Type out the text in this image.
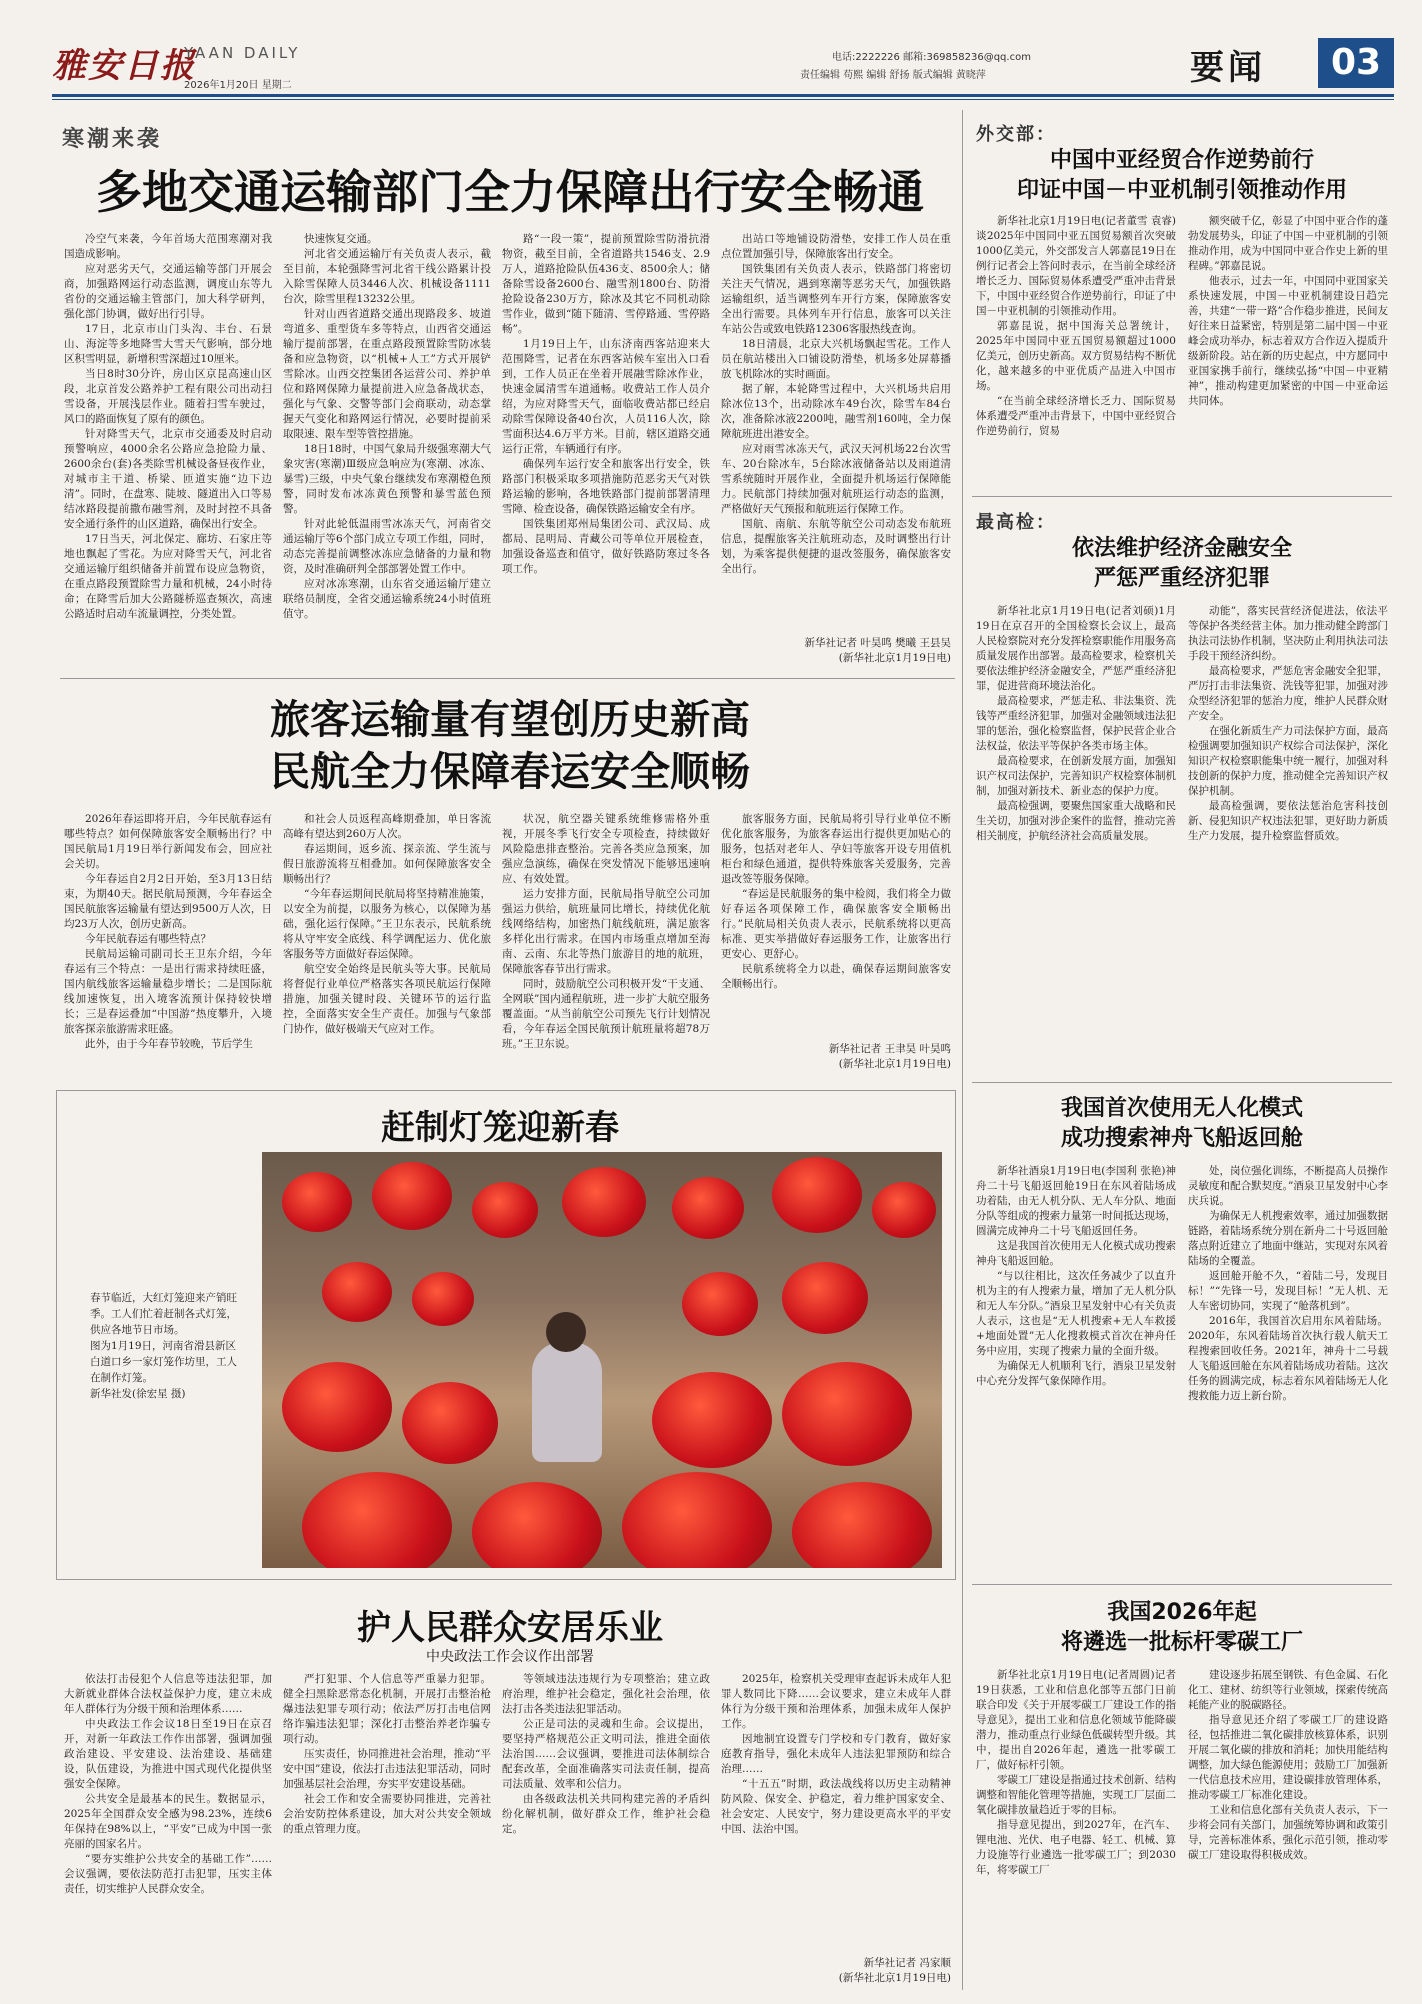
雅安日报
YAAN DAILY
2026年1月20日 星期二
电话:2222226 邮箱:369858236@qq.com
责任编辑 苟熙 编辑 舒扬 版式编辑 黄晓萍	要闻	03
寒潮来袭
多地交通运输部门全力保障出行安全畅通

冷空气来袭，今年首场大范围寒潮对我国造成影响。

应对恶劣天气，交通运输等部门开展会商，加强路网运行动态监测，调度山东等九省份的交通运输主管部门，加大科学研判，强化部门协调，做好出行引导。

17日，北京市山门头沟、丰台、石景山、海淀等多地降雪大雪天气影响，部分地区积雪明显，新增积雪深超过10厘米。

当日8时30分许，房山区京昆高速山区段，北京首发公路养护工程有限公司出动扫雪设备，开展浅层作业。随着扫雪车驶过，风口的路面恢复了原有的颜色。

针对降雪天气，北京市交通委及时启动预警响应，4000余名公路应急抢险力量、2600余台(套)各类除雪机械设备昼夜作业，对城市主干道、桥梁、匝道实施“边下边清”。同时，在盘寒、陡坡、隧道出入口等易结冰路段提前撒布融雪剂，及时封控不具备安全通行条件的山区道路，确保出行安全。

17日当天，河北保定、廊坊、石家庄等地也飘起了雪花。为应对降雪天气，河北省交通运输厅组织储备并前置布设应急物资，在重点路段预置除雪力量和机械，24小时待命；在降雪后加大公路隧桥巡查频次，高速公路适时启动车流量调控，分类处置。

快速恢复交通。

河北省交通运输厅有关负责人表示，截至目前，本轮强降雪河北省干线公路累计投入除雪保障人员3446人次、机械设备1111台次，除雪里程13232公里。

针对山西省道路交通出现路段多、坡道弯道多、重型货车多等特点，山西省交通运输厅提前部署，在重点路段预置除雪防冰装备和应急物资，以“机械+人工”方式开展铲雪除冰。山西交控集团各运营公司、养护单位和路网保障力量提前进入应急备战状态，强化与气象、交警等部门会商联动，动态掌握天气变化和路网运行情况，必要时提前采取限速、限车型等管控措施。

18日18时，中国气象局升级强寒潮大气象灾害(寒潮)Ⅲ级应急响应为(寒潮、冰冻、暴雪)三级，中央气象台继续发布寒潮橙色预警，同时发布冰冻黄色预警和暴雪蓝色预警。

针对此轮低温雨雪冰冻天气，河南省交通运输厅等6个部门成立专项工作组，同时，动态完善提前调整冰冻应急储备的力量和物资，及时准确研判全部部署处置工作中。

应对冰冻寒潮，山东省交通运输厅建立联络员制度，全省交通运输系统24小时值班值守。

路“一段一策”，提前预置除雪防滑抗滑物资，截至目前，全省道路共1546支、2.9万人，道路抢险队伍436支、8500余人；储备除雪设备2600台、融雪剂1800台、防滑抢险设备230万方，除冰及其它不同机动除雪作业，做到“随下随清、雪停路通、雪停路畅”。

1月19日上午，山东济南西客站迎来大范围降雪，记者在东西客站候车室出入口看到，工作人员正在坐着开展融雪除冰作业，快速金属清雪车道通畅。收费站工作人员介绍，为应对降雪天气，面临收费站都已经启动除雪保障设备40台次，人员116人次，除雪面积达4.6万平方米。目前，辖区道路交通运行正常，车辆通行有序。

确保列车运行安全和旅客出行安全，铁路部门积极采取多项措施防范恶劣天气对铁路运输的影响，各地铁路部门提前部署清理雪障、检查设备，确保铁路运输安全有序。

国铁集团郑州局集团公司、武汉局、成都局、昆明局、青藏公司等单位开展检查，加强设备巡查和值守，做好铁路防寒过冬各项工作。

出站口等地铺设防滑垫，安排工作人员在重点位置加强引导，保障旅客出行安全。

国铁集团有关负责人表示，铁路部门将密切关注天气情况，遇到寒潮等恶劣天气，加强铁路运输组织，适当调整列车开行方案，保障旅客安全出行需要。具体列车开行信息，旅客可以关注车站公告或致电铁路12306客服热线查询。

18日清晨，北京大兴机场飘起雪花。工作人员在航站楼出入口铺设防滑垫，机场多处屏幕播放飞机除冰的实时画面。

据了解，本轮降雪过程中，大兴机场共启用除冰位13个，出动除冰车49台次，除雪车84台次，准备除冰液2200吨，融雪剂160吨，全力保障航班进出港安全。

应对雨雪冰冻天气，武汉天河机场22台次雪车、20台除冰车，5台除冰液储备站以及雨道清雪系统随时开展作业，全面提升机场运行保障能力。民航部门持续加强对航班运行动态的监测，严格做好天气预报和航班运行保障工作。

国航、南航、东航等航空公司动态发布航班信息，提醒旅客关注航班动态，及时调整出行计划，为乘客提供便捷的退改签服务，确保旅客安全出行。

新华社记者 叶昊鸣 樊曦 王县吴

(新华社北京1月19日电)

旅客运输量有望创历史新高
民航全力保障春运安全顺畅

2026年春运即将开启，今年民航春运有哪些特点？如何保障旅客安全顺畅出行？中国民航局1月19日举行新闻发布会，回应社会关切。

今年春运自2月2日开始，至3月13日结束，为期40天。据民航局预测，今年春运全国民航旅客运输量有望达到9500万人次，日均23万人次，创历史新高。

今年民航春运有哪些特点？

民航局运输司副司长王卫东介绍，今年春运有三个特点：一是出行需求持续旺盛，国内航线旅客运输量稳步增长；二是国际航线加速恢复，出入境客流预计保持较快增长；三是春运叠加“中国游”热度攀升，入境旅客探亲旅游需求旺盛。

此外，由于今年春节较晚，节后学生

和社会人员返程高峰期叠加，单日客流高峰有望达到260万人次。

春运期间，返乡流、探亲流、学生流与假日旅游流将互相叠加。如何保障旅客安全顺畅出行？

“今年春运期间民航局将坚持精准施策，以安全为前提，以服务为核心，以保障为基础，强化运行保障。”王卫东表示，民航系统将从守牢安全底线、科学调配运力、优化旅客服务等方面做好春运保障。

航空安全始终是民航头等大事。民航局将督促行业单位严格落实各项民航运行保障措施，加强关键时段、关键环节的运行监控，全面落实安全生产责任。加强与气象部门协作，做好极端天气应对工作。

状况，航空器关键系统维修需格外重视，开展冬季飞行安全专项检查，持续做好风险隐患排查整治。完善各类应急预案，加强应急演练，确保在突发情况下能够迅速响应、有效处置。

运力安排方面，民航局指导航空公司加强运力供给，航班量同比增长，持续优化航线网络结构，加密热门航线航班，满足旅客多样化出行需求。在国内市场重点增加至海南、云南、东北等热门旅游目的地的航班，保障旅客春节出行需求。

同时，鼓励航空公司积极开发“干支通、全网联”国内通程航班，进一步扩大航空服务覆盖面。“从当前航空公司预先飞行计划情况看，今年春运全国民航预计航班量将超78万班。”王卫东说。

旅客服务方面，民航局将引导行业单位不断优化旅客服务，为旅客春运出行提供更加贴心的服务，包括对老年人、孕妇等旅客开设专用值机柜台和绿色通道，提供特殊旅客关爱服务，完善退改签等服务保障。

“春运是民航服务的集中检阅，我们将全力做好春运各项保障工作，确保旅客安全顺畅出行。”民航局相关负责人表示，民航系统将以更高标准、更实举措做好春运服务工作，让旅客出行更安心、更舒心。

民航系统将全力以赴，确保春运期间旅客安全顺畅出行。

新华社记者 王聿昊 叶昊鸣

(新华社北京1月19日电)

赶制灯笼迎新春
春节临近，大红灯笼迎来产销旺季。工人们忙着赶制各式灯笼，供应各地节日市场。
图为1月19日，河南省滑县新区白道口乡一家灯笼作坊里，工人在制作灯笼。
新华社发(徐宏星 摄)
护人民群众安居乐业
中央政法工作会议作出部署

依法打击侵犯个人信息等违法犯罪，加大新就业群体合法权益保护力度，建立未成年人群体行为分级干预和治理体系……

中央政法工作会议18日至19日在京召开，对新一年政法工作作出部署，强调加强政治建设、平安建设、法治建设、基础建设，队伍建设，为推进中国式现代化提供坚强安全保障。

公共安全是最基本的民生。数据显示，2025年全国群众安全感为98.23%，连续6年保持在98%以上，“平安”已成为中国一张亮丽的国家名片。

“要夯实维护公共安全的基础工作”……会议强调，要依法防范打击犯罪，压实主体责任，切实维护人民群众安全。

严打犯罪、个人信息等严重暴力犯罪。健全扫黑除恶常态化机制，开展打击整治枪爆违法犯罪专项行动；依法严厉打击电信网络诈骗违法犯罪；深化打击整治养老诈骗专项行动。

压实责任，协同推进社会治理，推动“平安中国”建设，依法打击违法犯罪活动，同时加强基层社会治理，夯实平安建设基础。

社会工作和安全需要协同推进，完善社会治安防控体系建设，加大对公共安全领域的重点管理力度。

等领域违法违规行为专项整治；建立政府治理，维护社会稳定，强化社会治理，依法打击各类违法犯罪活动。

公正是司法的灵魂和生命。会议提出，要坚持严格规范公正文明司法，推进全面依法治国……会议强调，要推进司法体制综合配套改革，全面准确落实司法责任制，提高司法质量、效率和公信力。

由各级政法机关共同构建完善的矛盾纠纷化解机制，做好群众工作，维护社会稳定。

2025年，检察机关受理审查起诉未成年人犯罪人数同比下降……会议要求，建立未成年人群体行为分级干预和治理体系，加强未成年人保护工作。

因地制宜设置专门学校和专门教育，做好家庭教育指导，强化未成年人违法犯罪预防和综合治理……

“十五五”时期，政法战线将以历史主动精神防风险、保安全、护稳定，着力维护国家安全、社会安定、人民安宁，努力建设更高水平的平安中国、法治中国。

新华社记者 冯家顺

(新华社北京1月19日电)

外交部：
中国中亚经贸合作逆势前行
印证中国－中亚机制引领推动作用

新华社北京1月19日电(记者董雪 袁睿)谈2025年中国同中亚五国贸易额首次突破1000亿美元，外交部发言人郭嘉昆19日在例行记者会上答问时表示，在当前全球经济增长乏力、国际贸易体系遭受严重冲击背景下，中国中亚经贸合作逆势前行，印证了中国－中亚机制的引领推动作用。

郭嘉昆说，据中国海关总署统计，2025年中国同中亚五国贸易额超过1000亿美元，创历史新高。双方贸易结构不断优化，越来越多的中亚优质产品进入中国市场。

“在当前全球经济增长乏力、国际贸易体系遭受严重冲击背景下，中国中亚经贸合作逆势前行，贸易

额突破千亿，彰显了中国中亚合作的蓬勃发展势头，印证了中国－中亚机制的引领推动作用，成为中国同中亚合作史上新的里程碑。”郭嘉昆说。

他表示，过去一年，中国同中亚国家关系快速发展，中国－中亚机制建设日趋完善，共建“一带一路”合作稳步推进，民间友好往来日益紧密，特别是第二届中国－中亚峰会成功举办，标志着双方合作迈入提质升级新阶段。站在新的历史起点，中方愿同中亚国家携手前行，继续弘扬“中国－中亚精神”，推动构建更加紧密的中国－中亚命运共同体。

最高检：
依法维护经济金融安全
严惩严重经济犯罪

新华社北京1月19日电(记者刘硕)1月19日在京召开的全国检察长会议上，最高人民检察院对充分发挥检察职能作用服务高质量发展作出部署。最高检要求，检察机关要依法维护经济金融安全，严惩严重经济犯罪，促进营商环境法治化。

最高检要求，严惩走私、非法集资、洗钱等严重经济犯罪，加强对金融领域违法犯罪的惩治，强化检察监督，保护民营企业合法权益，依法平等保护各类市场主体。

最高检要求，在创新发展方面，加强知识产权司法保护，完善知识产权检察体制机制，加强对新技术、新业态的保护力度。

最高检强调，要聚焦国家重大战略和民生关切，加强对涉企案件的监督，推动完善相关制度，护航经济社会高质量发展。

动能”，落实民营经济促进法，依法平等保护各类经营主体。加力推动健全跨部门执法司法协作机制，坚决防止利用执法司法手段干预经济纠纷。

最高检要求，严惩危害金融安全犯罪，严厉打击非法集资、洗钱等犯罪，加强对涉众型经济犯罪的惩治力度，维护人民群众财产安全。

在强化新质生产力司法保护方面，最高检强调要加强知识产权综合司法保护，深化知识产权检察职能集中统一履行，加强对科技创新的保护力度，推动健全完善知识产权保护机制。

最高检强调，要依法惩治危害科技创新、侵犯知识产权违法犯罪，更好助力新质生产力发展，提升检察监督质效。

我国首次使用无人化模式
成功搜索神舟飞船返回舱

新华社酒泉1月19日电(李国利 张艳)神舟二十号飞船返回舱19日在东风着陆场成功着陆，由无人机分队、无人车分队、地面分队等组成的搜索力量第一时间抵达现场，圆满完成神舟二十号飞船返回任务。

这是我国首次使用无人化模式成功搜索神舟飞船返回舱。

“与以往相比，这次任务减少了以直升机为主的有人搜索力量，增加了无人机分队和无人车分队。”酒泉卫星发射中心有关负责人表示，这也是“无人机搜索+无人车救援+地面处置”无人化搜救模式首次在神舟任务中应用，实现了搜索力量的全面升级。

为确保无人机顺利飞行，酒泉卫星发射中心充分发挥气象保障作用。

处，岗位强化训练，不断提高人员操作灵敏度和配合默契度。”酒泉卫星发射中心李庆兵说。

为确保无人机搜索效率，通过加强数据链路，着陆场系统分别在新舟二十号返回舱落点附近建立了地面中继站，实现对东风着陆场的全覆盖。

返回舱开舱不久，“着陆二号，发现目标！”“先锋一号，发现目标！”无人机、无人车密切协同，实现了“舱落机到”。

2016年，我国首次启用东风着陆场。2020年，东风着陆场首次执行载人航天工程搜索回收任务。2021年，神舟十二号载人飞船返回舱在东风着陆场成功着陆。这次任务的圆满完成，标志着东风着陆场无人化搜救能力迈上新台阶。

我国2026年起
将遴选一批标杆零碳工厂

新华社北京1月19日电(记者周圆)记者19日获悉，工业和信息化部等五部门日前联合印发《关于开展零碳工厂建设工作的指导意见》，提出工业和信息化领域节能降碳潜力，推动重点行业绿色低碳转型升级。其中，提出自2026年起，遴选一批零碳工厂，做好标杆引领。

零碳工厂建设是指通过技术创新、结构调整和智能化管理等措施，实现工厂层面二氧化碳排放量趋近于零的目标。

指导意见提出，到2027年，在汽车、锂电池、光伏、电子电器、轻工、机械、算力设施等行业遴选一批零碳工厂；到2030年，将零碳工厂

建设逐步拓展至钢铁、有色金属、石化化工、建材、纺织等行业领域，探索传统高耗能产业的脱碳路径。

指导意见还介绍了零碳工厂的建设路径，包括推进二氧化碳排放核算体系，识别开展二氧化碳的排放和消耗；加快用能结构调整，加大绿色能源使用；鼓励工厂加强新一代信息技术应用，建设碳排放管理体系，推动零碳工厂标准化建设。

工业和信息化部有关负责人表示，下一步将会同有关部门，加强统筹协调和政策引导，完善标准体系，强化示范引领，推动零碳工厂建设取得积极成效。
